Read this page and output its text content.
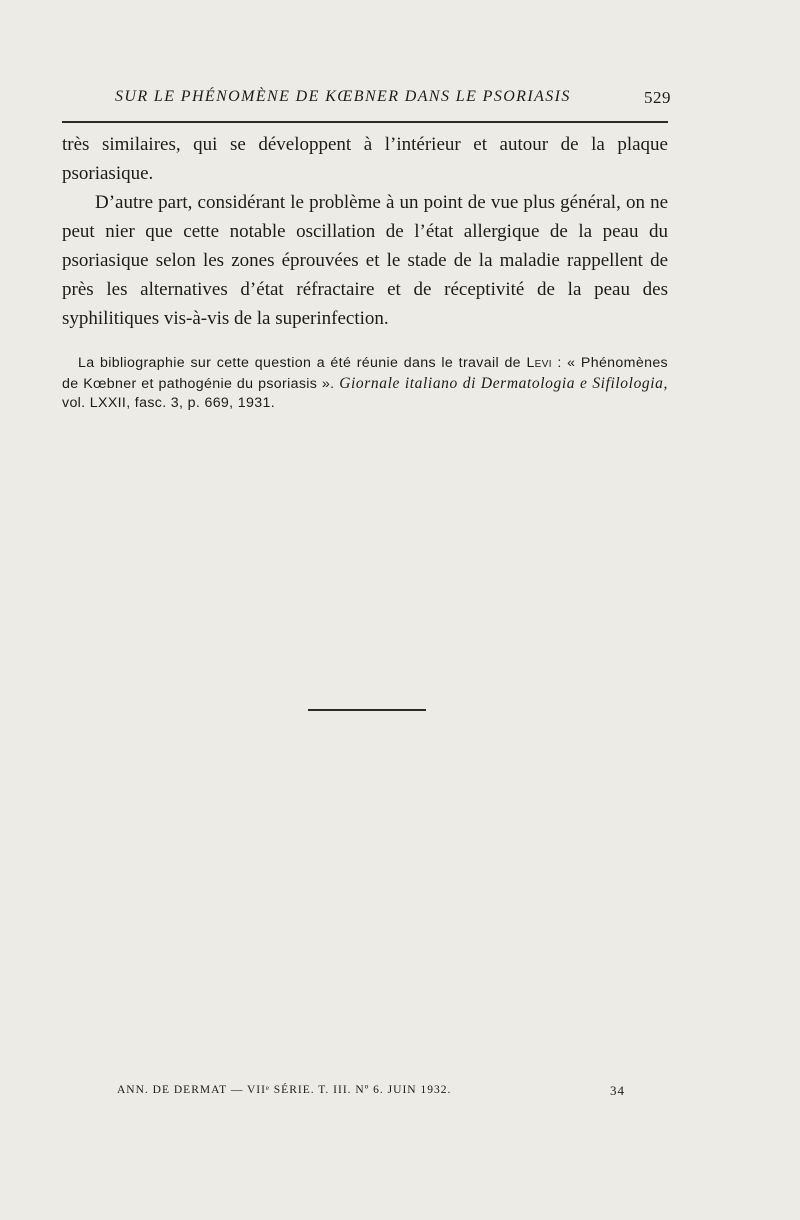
SUR LE PHÉNOMÈNE DE KŒBNER DANS LE PSORIASIS	529

très similaires, qui se développent à l’intérieur et autour de la plaque psoriasique.

D’autre part, considérant le problème à un point de vue plus général, on ne peut nier que cette notable oscillation de l’état allergique de la peau du psoriasique selon les zones éprouvées et le stade de la maladie rappellent de près les alternatives d’état réfractaire et de réceptivité de la peau des syphilitiques vis-à-vis de la superinfection.

La bibliographie sur cette question a été réunie dans le travail de Levi : « Phénomènes de Kœbner et pathogénie du psoriasis ». Giornale italiano di Dermatologia e Sifilologia, vol. LXXII, fasc. 3, p. 669, 1931.
ANN. DE DERMAT — VIIᵉ SÉRIE. T. III. Nº 6. JUIN 1932.	34
